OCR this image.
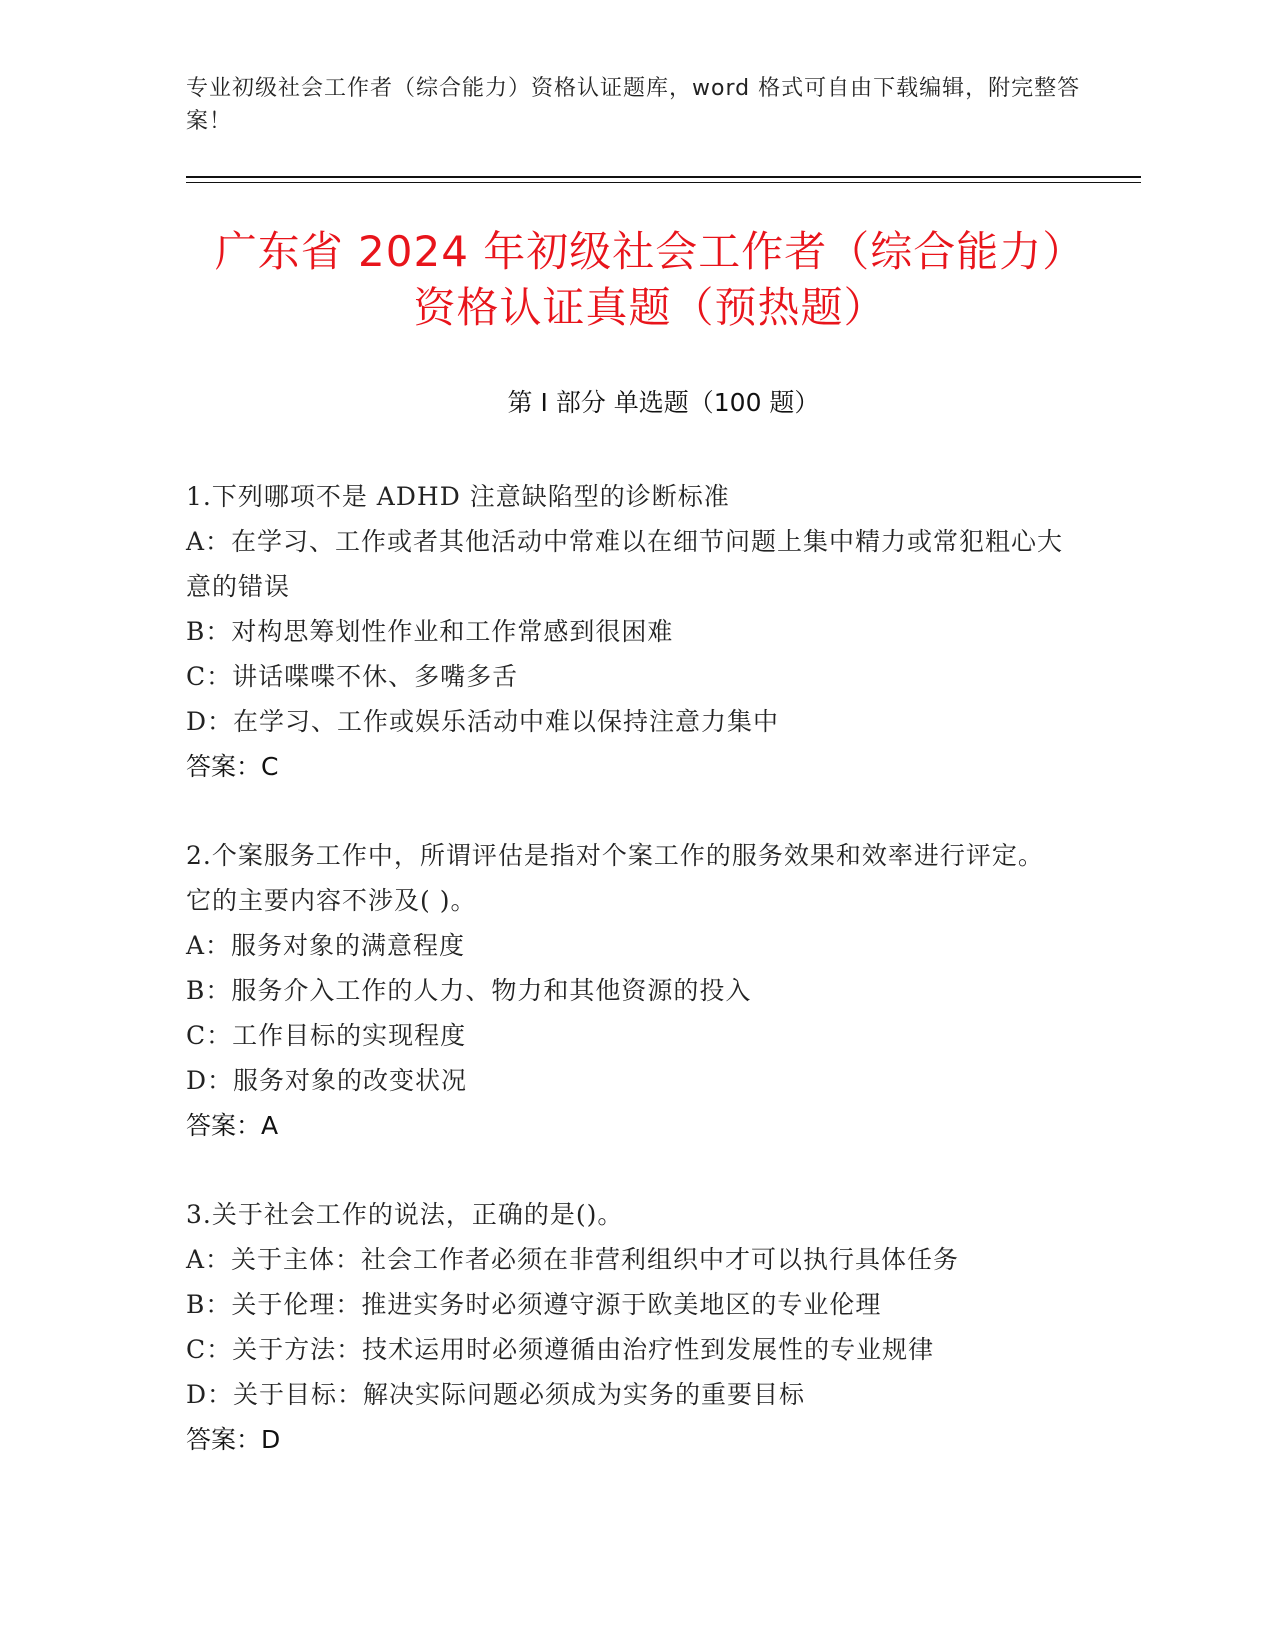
专业初级社会工作者（综合能力）资格认证题库，word 格式可自由下载编辑，附完整答案！
广东省 2024 年初级社会工作者（综合能力）
资格认证真题（预热题）
第 I 部分 单选题（100 题）
1.下列哪项不是 ADHD 注意缺陷型的诊断标准
A：在学习、工作或者其他活动中常难以在细节问题上集中精力或常犯粗心大意的错误
B：对构思筹划性作业和工作常感到很困难
C：讲话喋喋不休、多嘴多舌
D：在学习、工作或娱乐活动中难以保持注意力集中
答案：C
2.个案服务工作中，所谓评估是指对个案工作的服务效果和效率进行评定。它的主要内容不涉及( )。
A：服务对象的满意程度
B：服务介入工作的人力、物力和其他资源的投入
C：工作目标的实现程度
D：服务对象的改变状况
答案：A
3.关于社会工作的说法，正确的是()。
A：关于主体：社会工作者必须在非营利组织中才可以执行具体任务
B：关于伦理：推进实务时必须遵守源于欧美地区的专业伦理
C：关于方法：技术运用时必须遵循由治疗性到发展性的专业规律
D：关于目标：解决实际问题必须成为实务的重要目标
答案：D
